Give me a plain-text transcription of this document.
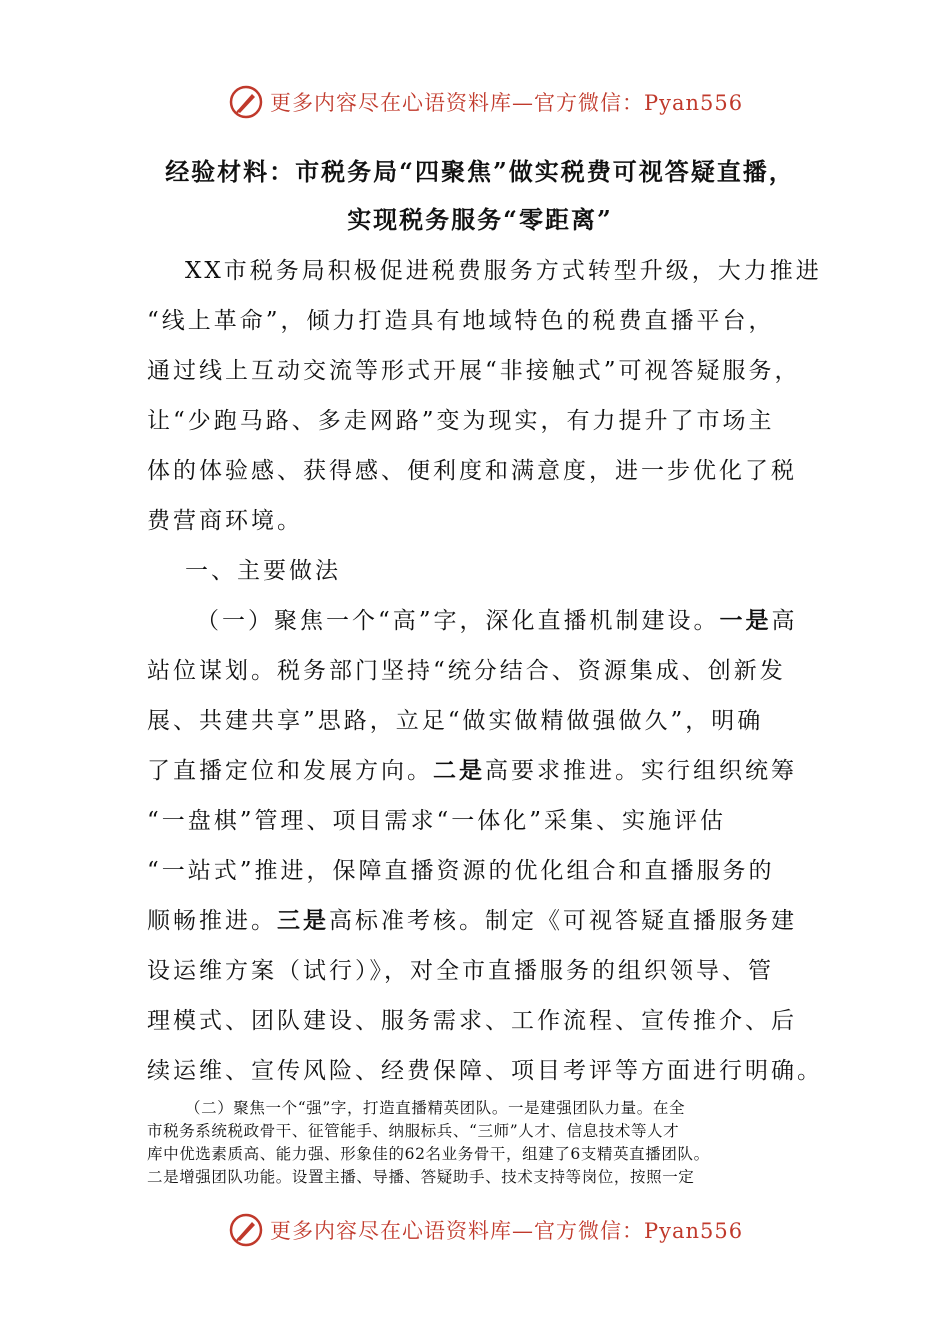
更多内容尽在心语资料库—官方微信：Pyan556
经验材料：市税务局“四聚焦”做实税费可视答疑直播，
实现税务服务“零距离”
XX市税务局积极促进税费服务方式转型升级，大力推进
“线上革命”，倾力打造具有地域特色的税费直播平台，
通过线上互动交流等形式开展“非接触式”可视答疑服务，
让“少跑马路、多走网路”变为现实，有力提升了市场主
体的体验感、获得感、便利度和满意度，进一步优化了税
费营商环境。
一、主要做法
（一）聚焦一个“高”字，深化直播机制建设。一是高
站位谋划。税务部门坚持“统分结合、资源集成、创新发
展、共建共享”思路，立足“做实做精做强做久”，明确
了直播定位和发展方向。二是高要求推进。实行组织统筹
“一盘棋”管理、项目需求“一体化”采集、实施评估
“一站式”推进，保障直播资源的优化组合和直播服务的
顺畅推进。三是高标准考核。制定《可视答疑直播服务建
设运维方案（试行）》，对全市直播服务的组织领导、管
理模式、团队建设、服务需求、工作流程、宣传推介、后
续运维、宣传风险、经费保障、项目考评等方面进行明确。
（二）聚焦一个“强”字，打造直播精英团队。一是建强团队力量。在全
市税务系统税政骨干、征管能手、纳服标兵、“三师”人才、信息技术等人才
库中优选素质高、能力强、形象佳的62名业务骨干，组建了6支精英直播团队。
二是增强团队功能。设置主播、导播、答疑助手、技术支持等岗位，按照一定
更多内容尽在心语资料库—官方微信：Pyan556
